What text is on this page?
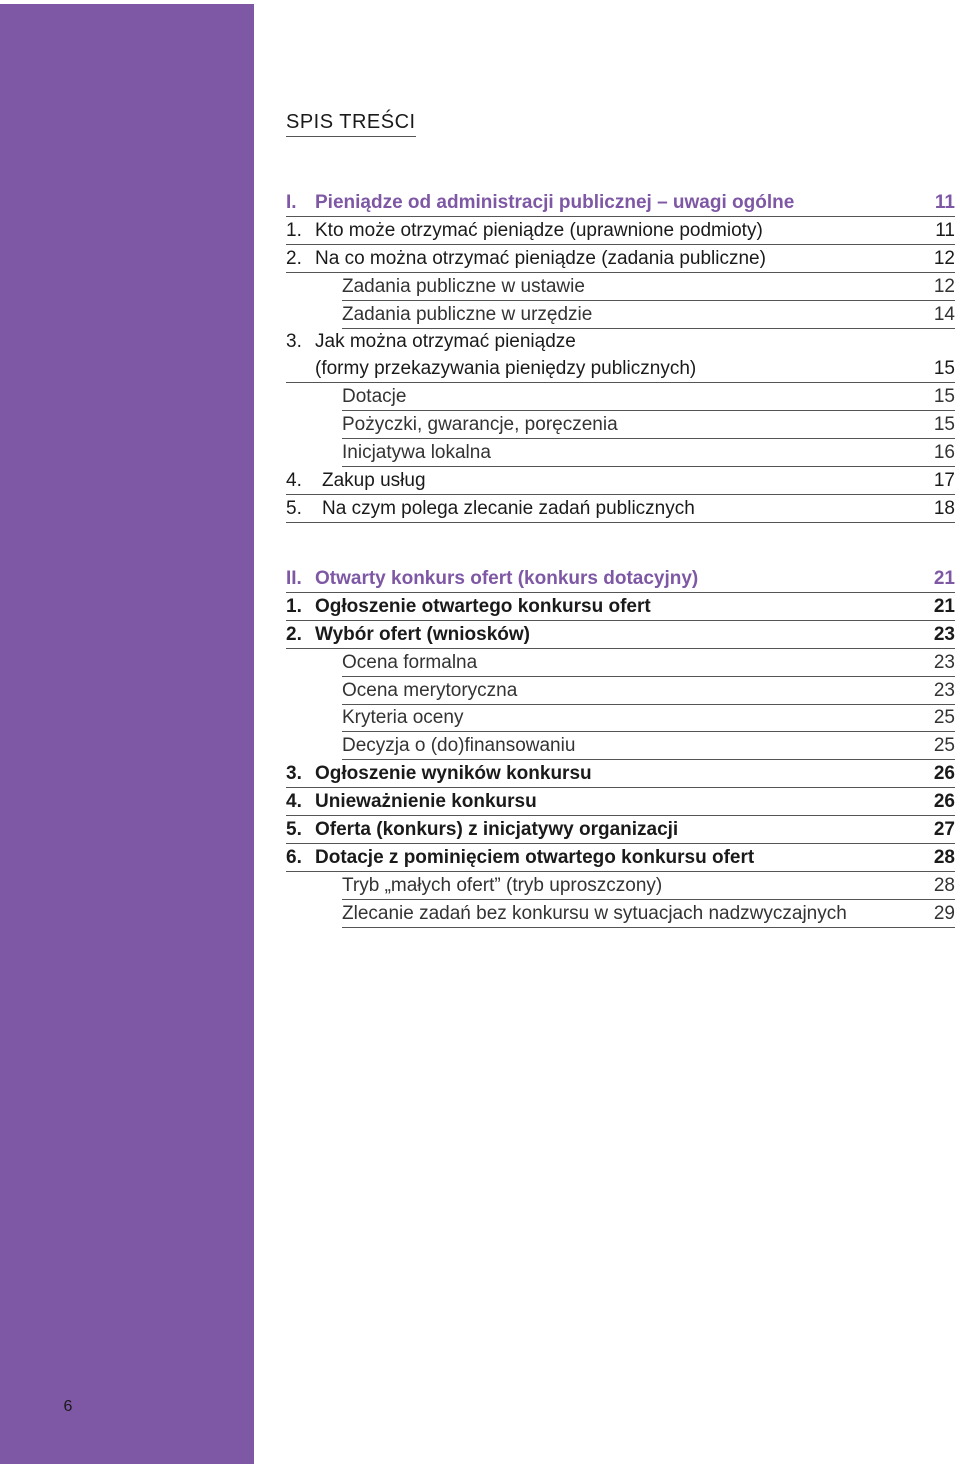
6
SPIS TREŚCI
I. Pieniądze od administracji publicznej – uwagi ogólne	11
1. Kto może otrzymać pieniądze (uprawnione podmioty)	11
2. Na co można otrzymać pieniądze (zadania publiczne)	12
Zadania publiczne w ustawie	12
Zadania publiczne w urzędzie	14
3. Jak można otrzymać pieniądze
(formy przekazywania pieniędzy publicznych)	15
Dotacje	15
Pożyczki, gwarancje, poręczenia	15
Inicjatywa lokalna	16
4. Zakup usług	17
5. Na czym polega zlecanie zadań publicznych	18
II. Otwarty konkurs ofert (konkurs dotacyjny)	21
1. Ogłoszenie otwartego konkursu ofert	21
2. Wybór ofert (wniosków)	23
Ocena formalna	23
Ocena merytoryczna	23
Kryteria oceny	25
Decyzja o (do)finansowaniu	25
3. Ogłoszenie wyników konkursu	26
4. Unieważnienie konkursu	26
5. Oferta (konkurs) z inicjatywy organizacji	27
6. Dotacje z pominięciem otwartego konkursu ofert	28
Tryb „małych ofert” (tryb uproszczony)	28
Zlecanie zadań bez konkursu w sytuacjach nadzwyczajnych	29
